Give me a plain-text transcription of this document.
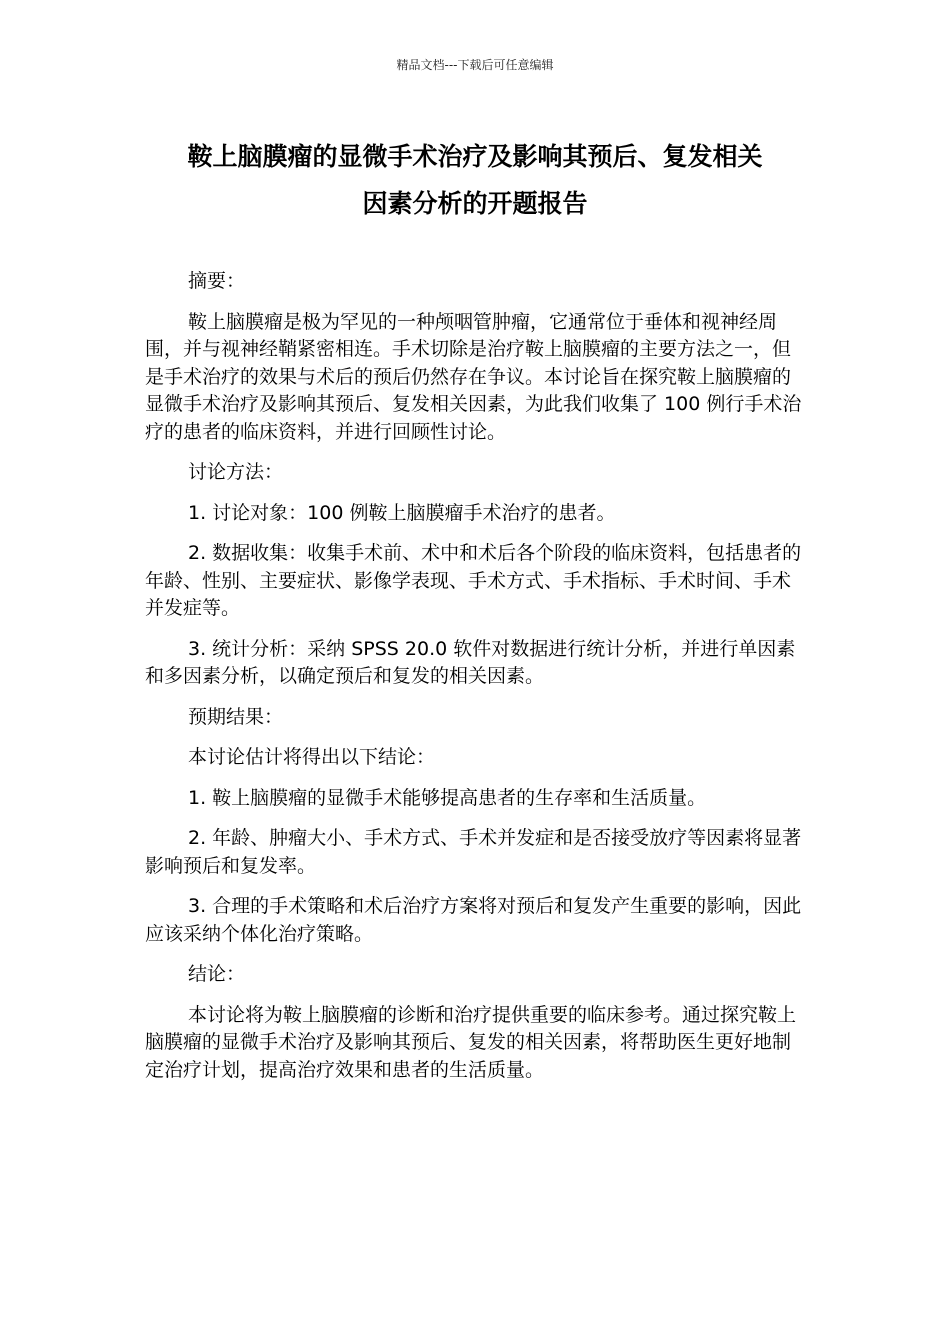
精品文档---下载后可任意编辑
鞍上脑膜瘤的显微手术治疗及影响其预后、复发相关
因素分析的开题报告

摘要：

鞍上脑膜瘤是极为罕见的一种颅咽管肿瘤，它通常位于垂体和视神经周围，并与视神经鞘紧密相连。手术切除是治疗鞍上脑膜瘤的主要方法之一，但是手术治疗的效果与术后的预后仍然存在争议。本讨论旨在探究鞍上脑膜瘤的显微手术治疗及影响其预后、复发相关因素，为此我们收集了 100 例行手术治疗的患者的临床资料，并进行回顾性讨论。

讨论方法：

1. 讨论对象：100 例鞍上脑膜瘤手术治疗的患者。

2. 数据收集：收集手术前、术中和术后各个阶段的临床资料，包括患者的年龄、性别、主要症状、影像学表现、手术方式、手术指标、手术时间、手术并发症等。

3. 统计分析：采纳 SPSS 20.0 软件对数据进行统计分析，并进行单因素和多因素分析，以确定预后和复发的相关因素。

预期结果：

本讨论估计将得出以下结论：

1. 鞍上脑膜瘤的显微手术能够提高患者的生存率和生活质量。

2. 年龄、肿瘤大小、手术方式、手术并发症和是否接受放疗等因素将显著影响预后和复发率。

3. 合理的手术策略和术后治疗方案将对预后和复发产生重要的影响，因此应该采纳个体化治疗策略。

结论：

本讨论将为鞍上脑膜瘤的诊断和治疗提供重要的临床参考。通过探究鞍上脑膜瘤的显微手术治疗及影响其预后、复发的相关因素，将帮助医生更好地制定治疗计划，提高治疗效果和患者的生活质量。
